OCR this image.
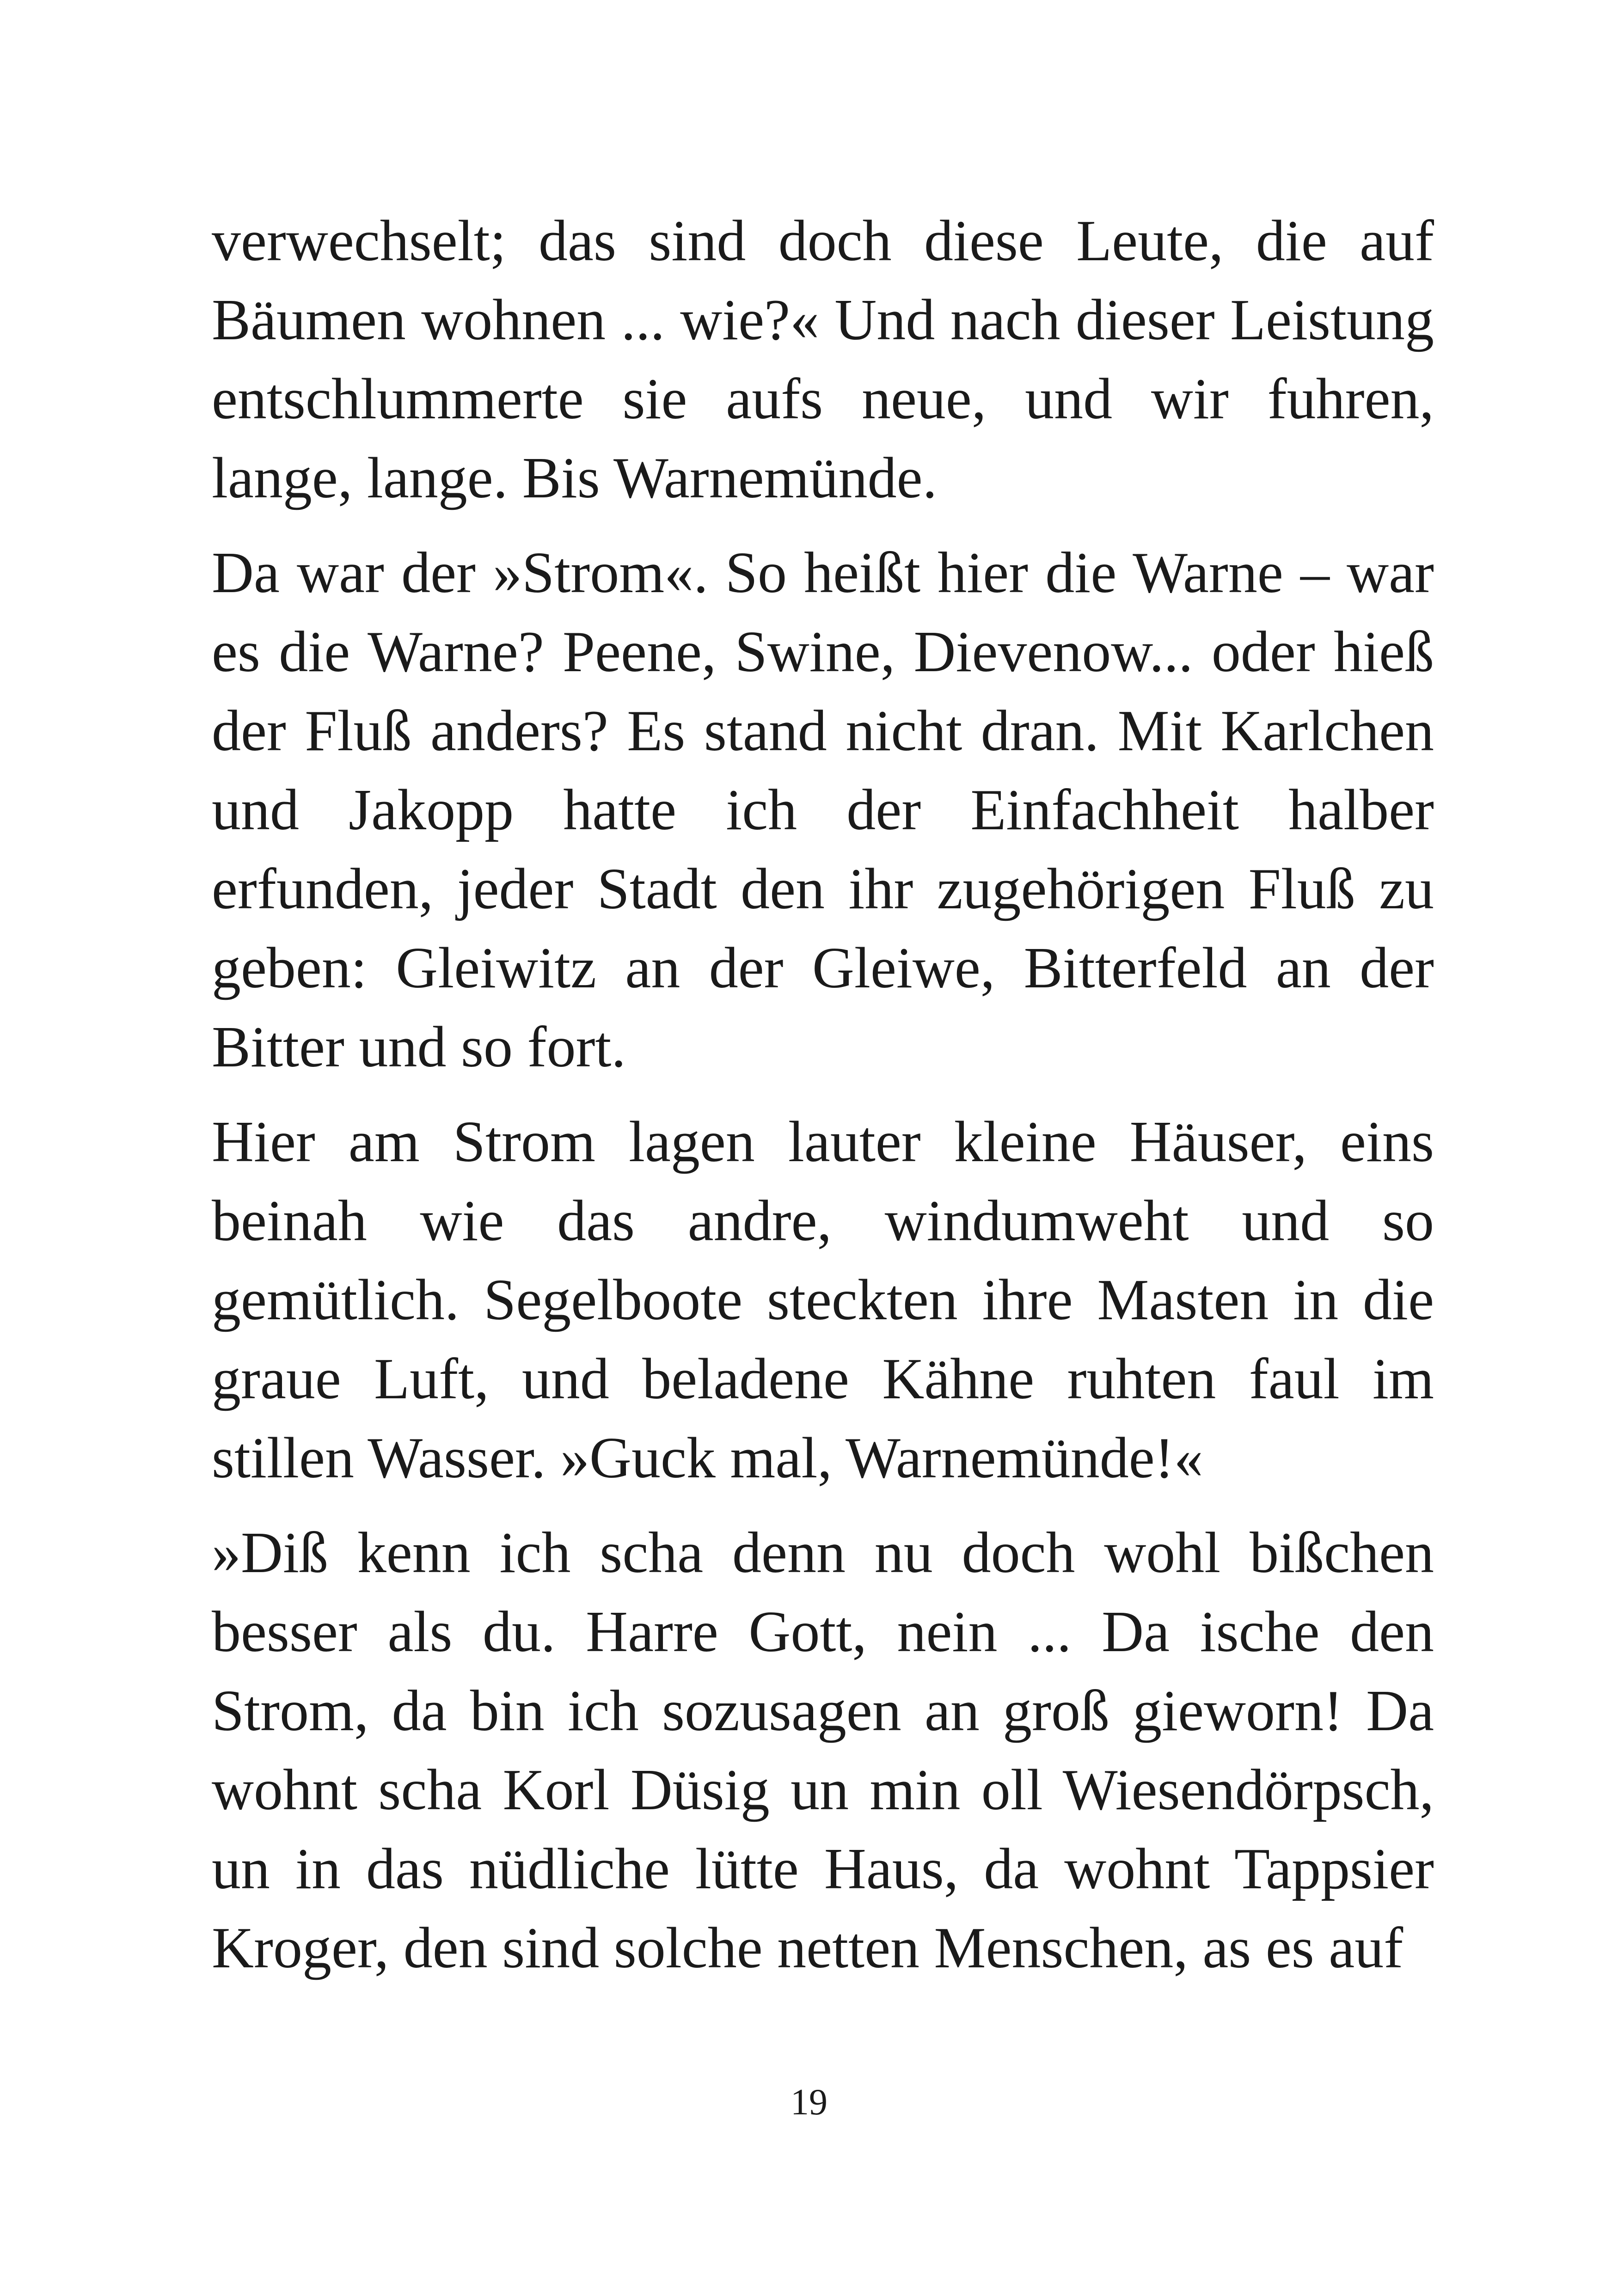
verwechselt; das sind doch diese Leute, die auf Bäumen wohnen ... wie?« Und nach dieser Leistung entschlummerte sie aufs neue, und wir fuhren, lange, lange. Bis Warnemünde.

Da war der »Strom«. So heißt hier die Warne – war es die Warne? Peene, Swine, Dievenow... oder hieß der Fluß anders? Es stand nicht dran. Mit Karlchen und Jakopp hatte ich der Einfachheit halber erfunden, jeder Stadt den ihr zugehörigen Fluß zu geben: Gleiwitz an der Gleiwe, Bitterfeld an der Bitter und so fort.

Hier am Strom lagen lauter kleine Häuser, eins beinah wie das andre, windumweht und so gemütlich. Segelboote steckten ihre Masten in die graue Luft, und beladene Kähne ruhten faul im stillen Wasser. »Guck mal, Warnemünde!«

»Diß kenn ich scha denn nu doch wohl bißchen besser als du. Harre Gott, nein ... Da ische den Strom, da bin ich sozusagen an groß gieworn! Da wohnt scha Korl Düsig un min oll Wiesendörpsch, un in das nüdliche lütte Haus, da wohnt Tappsier Kroger, den sind solche netten Menschen, as es auf

19
